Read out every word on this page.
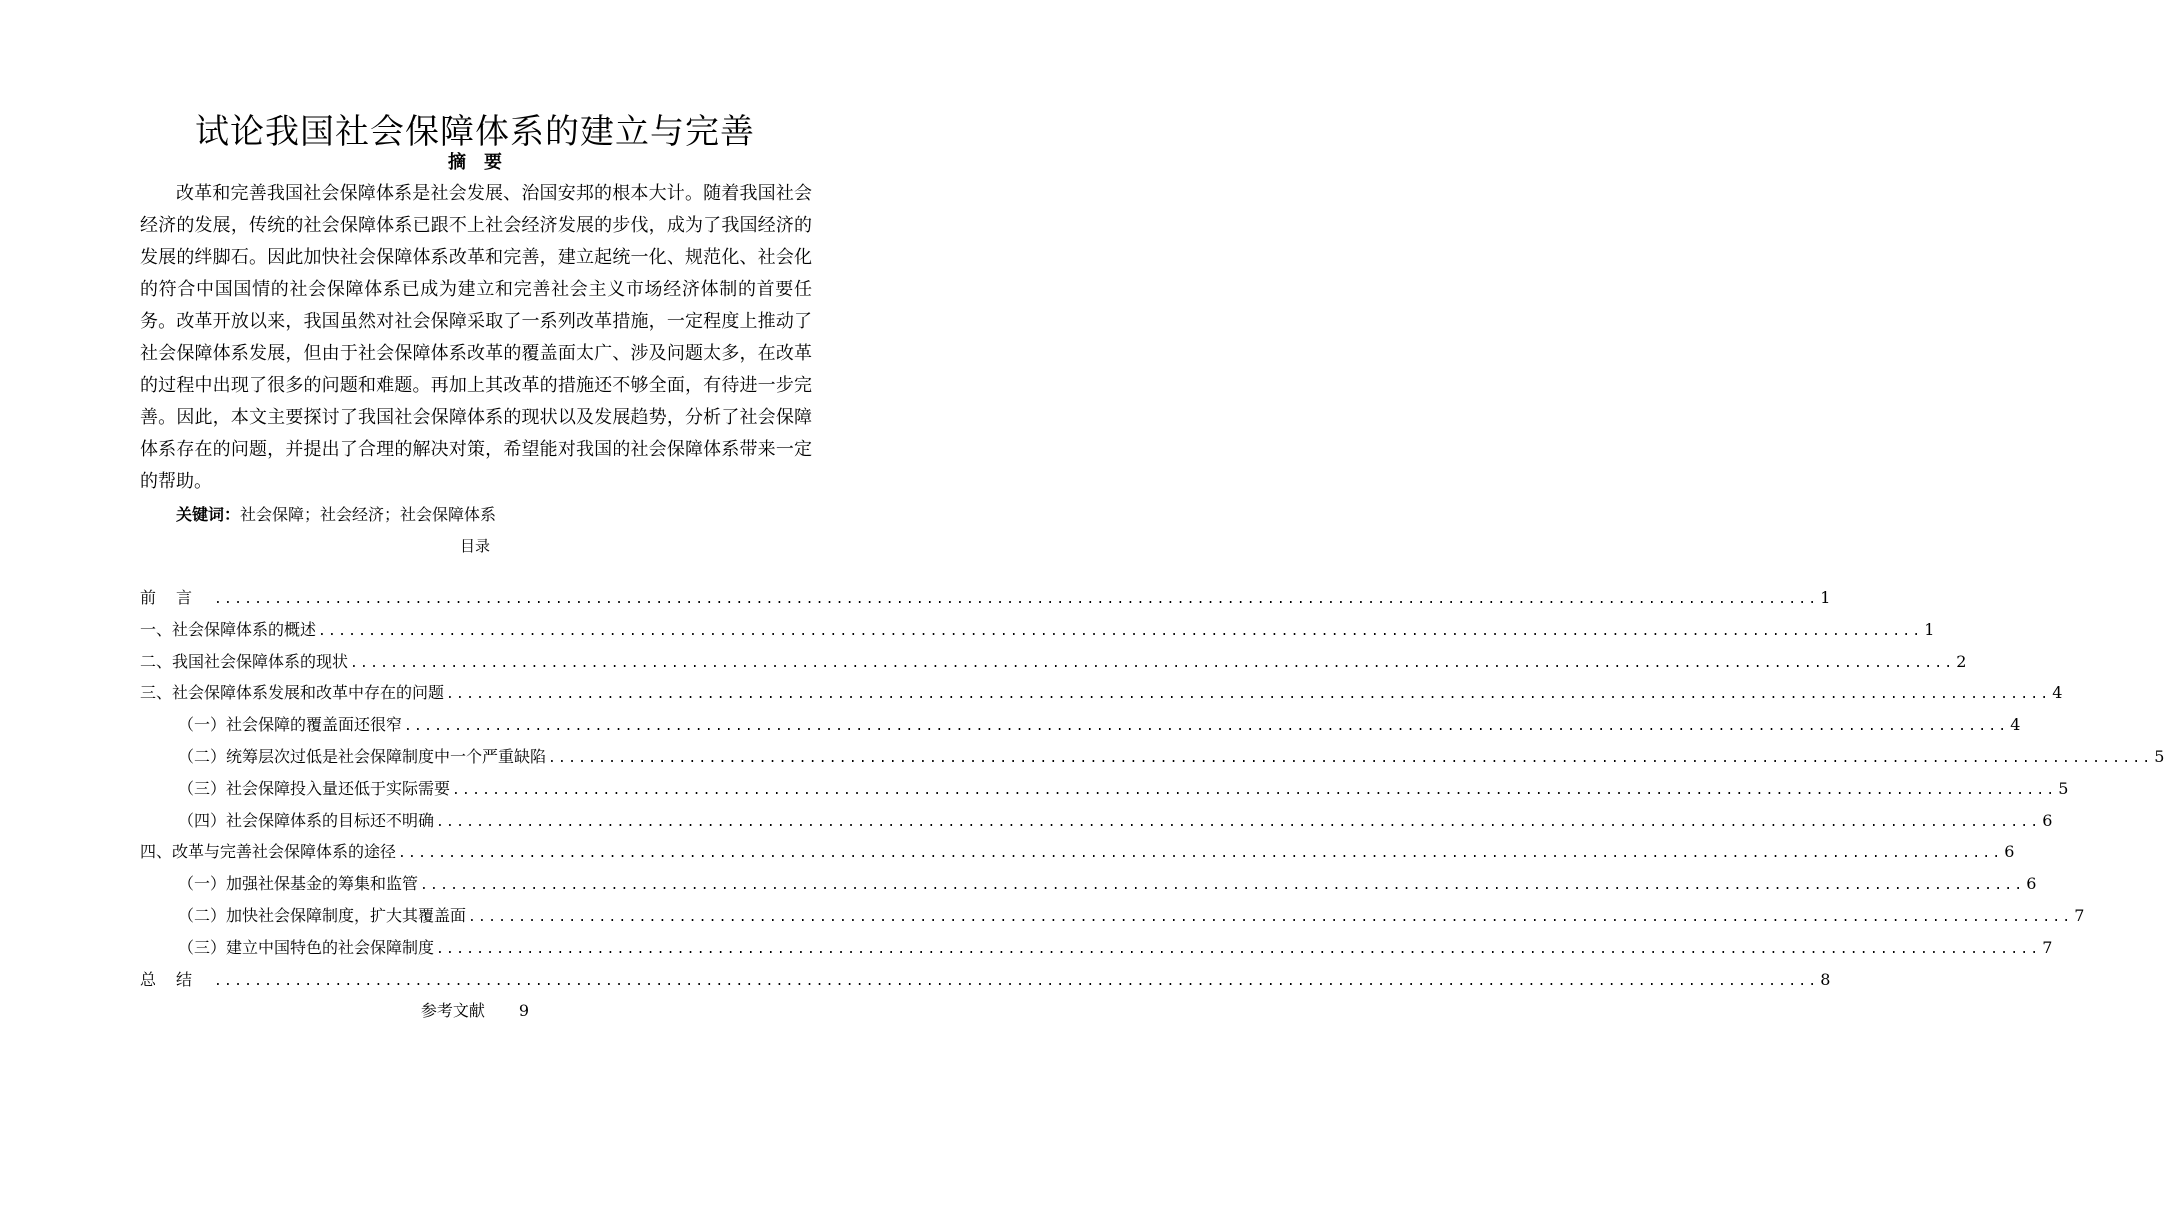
试论我国社会保障体系的建立与完善
摘　要

改革和完善我国社会保障体系是社会发展、治国安邦的根本大计。随着我国社会经济的发展，传统的社会保障体系已跟不上社会经济发展的步伐，成为了我国经济的发展的绊脚石。因此加快社会保障体系改革和完善，建立起统一化、规范化、社会化的符合中国国情的社会保障体系已成为建立和完善社会主义市场经济体制的首要任务。改革开放以来，我国虽然对社会保障采取了一系列改革措施，一定程度上推动了社会保障体系发展，但由于社会保障体系改革的覆盖面太广、涉及问题太多，在改革的过程中出现了很多的问题和难题。再加上其改革的措施还不够全面，有待进一步完善。因此，本文主要探讨了我国社会保障体系的现状以及发展趋势，分析了社会保障体系存在的问题，并提出了合理的解决对策，希望能对我国的社会保障体系带来一定的帮助。

关键词：社会保障；社会经济；社会保障体系
目录
前言 ................................................................................................................................................................ 1
一、社会保障体系的概述 ................................................................................................................................................................ 1
二、我国社会保障体系的现状 ................................................................................................................................................................ 2
三、社会保障体系发展和改革中存在的问题 ................................................................................................................................................................ 4
（一）社会保障的覆盖面还很窄 ................................................................................................................................................................ 4
（二）统筹层次过低是社会保障制度中一个严重缺陷 ................................................................................................................................................................ 5
（三）社会保障投入量还低于实际需要 ................................................................................................................................................................ 5
（四）社会保障体系的目标还不明确 ................................................................................................................................................................ 6
四、改革与完善社会保障体系的途径 ................................................................................................................................................................ 6
（一）加强社保基金的筹集和监管 ................................................................................................................................................................ 6
（二）加快社会保障制度，扩大其覆盖面 ................................................................................................................................................................ 7
（三）建立中国特色的社会保障制度 ................................................................................................................................................................ 7
总结 ................................................................................................................................................................ 8
参考文献 9
